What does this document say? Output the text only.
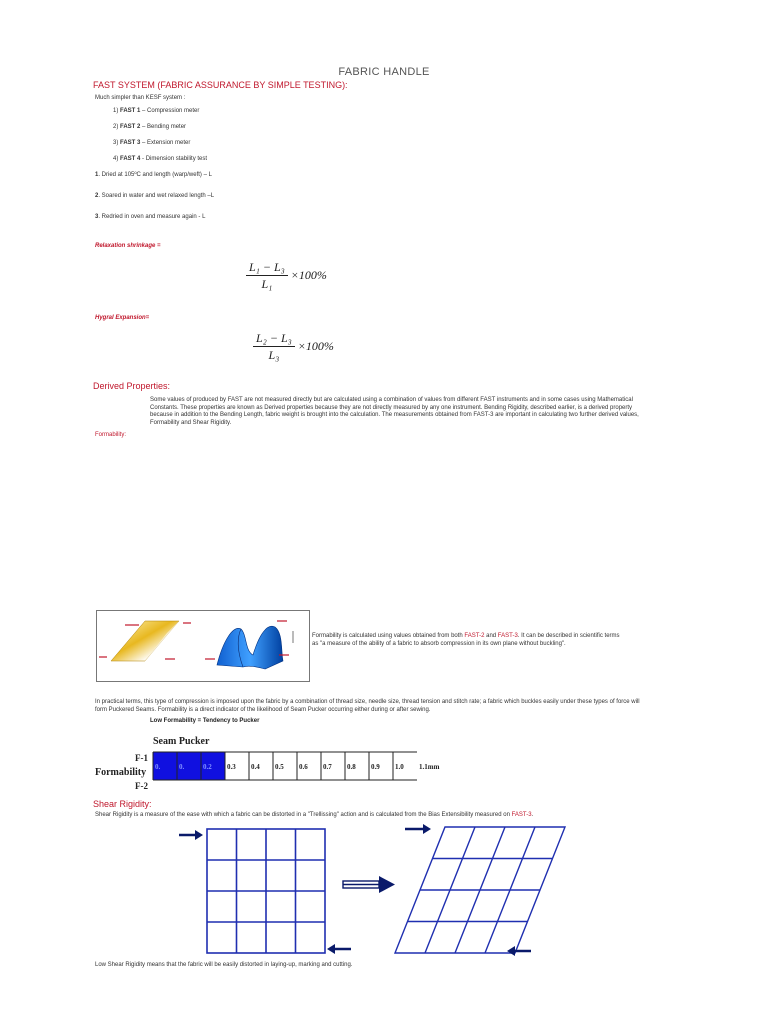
FABRIC HANDLE
FAST SYSTEM (FABRIC ASSURANCE BY SIMPLE TESTING):
Much simpler than KESF system :
1) FAST 1 – Compression meter
2) FAST 2 – Bending meter
3) FAST 3 – Extension meter
4) FAST 4 - Dimension stability test
1. Dried at 105ºC and length (warp/weft) – L
2. Soared in water and wet relaxed length –L
3. Redried in oven and measure again - L
Relaxation shrinkage =
$\frac{\text{L₁ − L₃}}{\text{L₁}} \times 100\%$
Hygral Expansion=
$\frac{\text{L₂ − L₃}}{\text{L₃}} \times 100\%$
Derived Properties:
Some values of produced by FAST are not measured directly but are calculated using a combination of values from different FAST instruments and in some cases using Mathematical Constants. These properties are known as Derived properties because they are not directly measured by any one instrument. Bending Rigidity, described earlier, is a derived property because in addition to the Bending Length, fabric weight is brought into the calculation. The measurements obtained from FAST-3 are important in calculating two further derived values, Formability and Shear Rigidity.
Formability:
Formability is calculated using values obtained from both FAST-2 and FAST-3. It can be described in scientific terms as "a measure of the ability of a fabric to absorb compression in its own plane without buckling".
In practical terms, this type of compression is imposed upon the fabric by a combination of thread size, needle size, thread tension and stitch rate; a fabric which buckles easily under these types of force will form Puckered Seams. Formability is a direct indicator of the likelihood of Seam Pucker occurring either during or after sewing.
Low Formability = Tendency to Pucker
Seam Pucker
F-1
Formability
F-2
0.	0.	0.2 0.3 0.4 0.5 0.6 0.7 0.8 0.9 1.0 1.1mm
Shear Rigidity:
Shear Rigidity is a measure of the ease with which a fabric can be distorted in a "Trellissing" action and is calculated from the Bias Extensibility measured on FAST-3.
Low Shear Rigidity means that the fabric will be easily distorted in laying-up, marking and cutting.
